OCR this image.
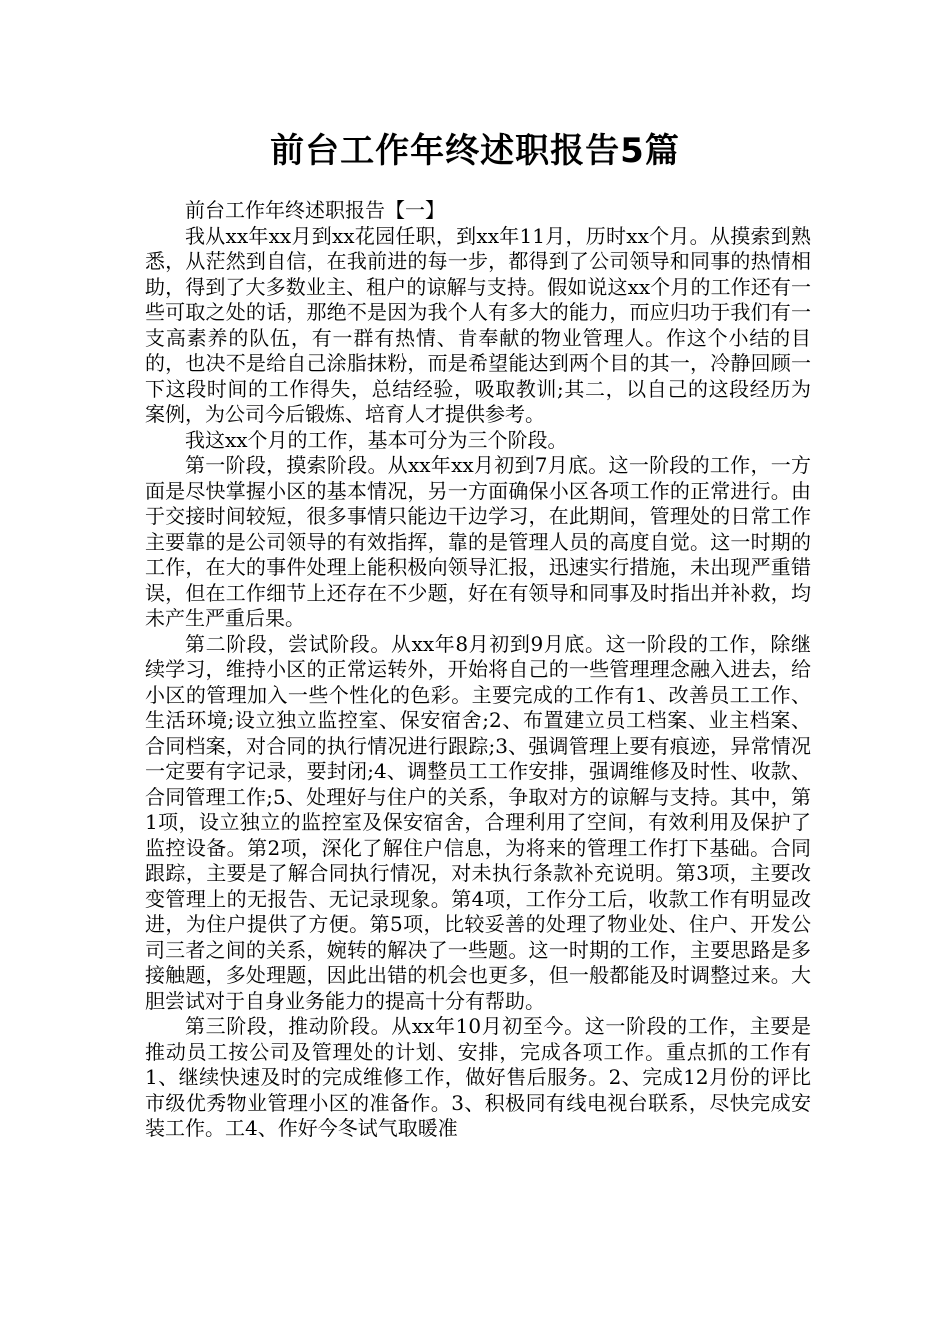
前台工作年终述职报告5篇

前台工作年终述职报告【一】

我从xx年xx月到xx花园任职，到xx年11月，历时xx个月。从摸索到熟悉，从茫然到自信，在我前进的每一步，都得到了公司领导和同事的热情相助，得到了大多数业主、租户的谅解与支持。假如说这xx个月的工作还有一些可取之处的话，那绝不是因为我个人有多大的能力，而应归功于我们有一支高素养的队伍，有一群有热情、肯奉献的物业管理人。作这个小结的目的，也决不是给自己涂脂抹粉，而是希望能达到两个目的其一，冷静回顾一下这段时间的工作得失，总结经验，吸取教训;其二，以自己的这段经历为案例，为公司今后锻炼、培育人才提供参考。

我这xx个月的工作，基本可分为三个阶段。

第一阶段，摸索阶段。从xx年xx月初到7月底。这一阶段的工作，一方面是尽快掌握小区的基本情况，另一方面确保小区各项工作的正常进行。由于交接时间较短，很多事情只能边干边学习，在此期间，管理处的日常工作主要靠的是公司领导的有效指挥，靠的是管理人员的高度自觉。这一时期的工作，在大的事件处理上能积极向领导汇报，迅速实行措施，未出现严重错误，但在工作细节上还存在不少题，好在有领导和同事及时指出并补救，均未产生严重后果。

第二阶段，尝试阶段。从xx年8月初到9月底。这一阶段的工作，除继续学习，维持小区的正常运转外，开始将自己的一些管理理念融入进去，给小区的管理加入一些个性化的色彩。主要完成的工作有1、改善员工工作、生活环境;设立独立监控室、保安宿舍;2、布置建立员工档案、业主档案、合同档案，对合同的执行情况进行跟踪;3、强调管理上要有痕迹，异常情况一定要有字记录，要封闭;4、调整员工工作安排，强调维修及时性、收款、合同管理工作;5、处理好与住户的关系，争取对方的谅解与支持。其中，第1项，设立独立的监控室及保安宿舍，合理利用了空间，有效利用及保护了监控设备。第2项，深化了解住户信息，为将来的管理工作打下基础。合同跟踪，主要是了解合同执行情况，对未执行条款补充说明。第3项，主要改变管理上的无报告、无记录现象。第4项，工作分工后，收款工作有明显改进，为住户提供了方便。第5项，比较妥善的处理了物业处、住户、开发公司三者之间的关系，婉转的解决了一些题。这一时期的工作，主要思路是多接触题，多处理题，因此出错的机会也更多，但一般都能及时调整过来。大胆尝试对于自身业务能力的提高十分有帮助。

第三阶段，推动阶段。从xx年10月初至今。这一阶段的工作，主要是推动员工按公司及管理处的计划、安排，完成各项工作。重点抓的工作有1、继续快速及时的完成维修工作，做好售后服务。2、完成12月份的评比市级优秀物业管理小区的准备作。3、积极同有线电视台联系，尽快完成安装工作。工4、作好今冬试气取暖准
